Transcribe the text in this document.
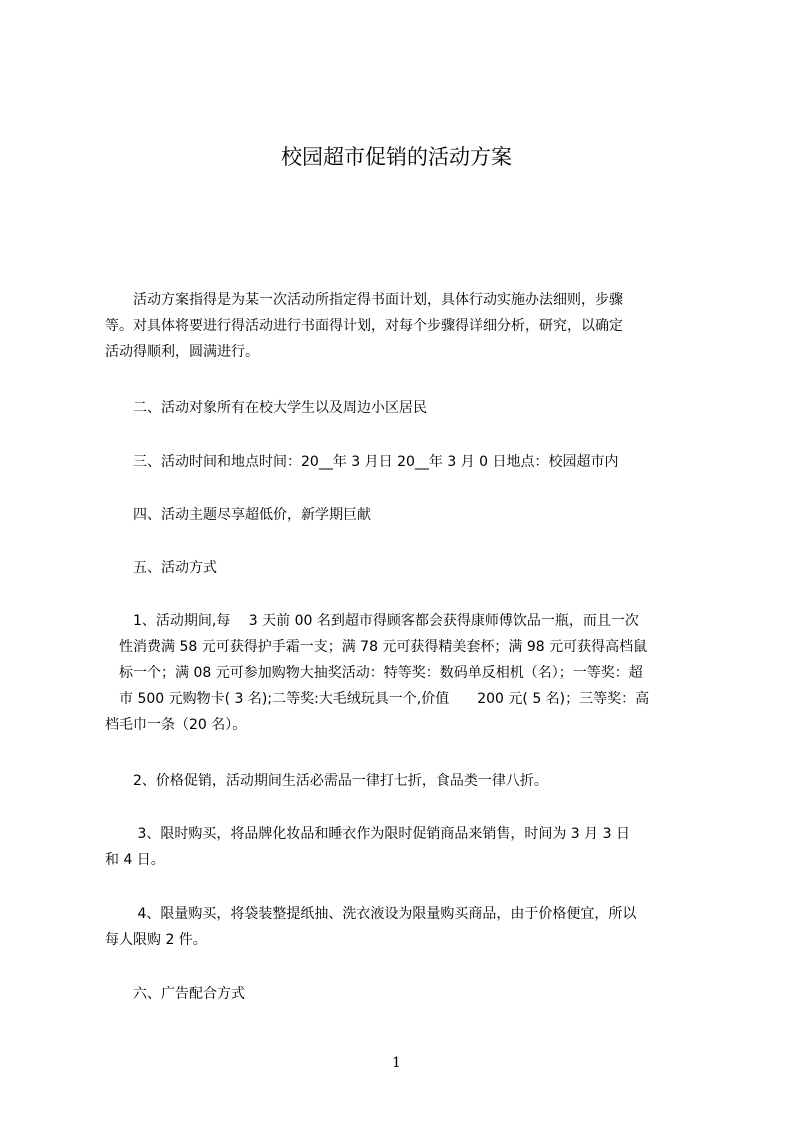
校园超市促销的活动方案
　　活动方案指得是为某一次活动所指定得书面计划，具体行动实施办法细则，步骤
等。对具体将要进行得活动进行书面得计划，对每个步骤得详细分析，研究，以确定
活动得顺利，圆满进行。
　　二、活动对象所有在校大学生以及周边小区居民
　　三、活动时间和地点时间：20__年 3 月日 20__年 3 月 0 日地点：校园超市内
　　四、活动主题尽享超低价，新学期巨献
　　五、活动方式
　　1、活动期间,每　 3 天前 00 名到超市得顾客都会获得康师傅饮品一瓶，而且一次
　性消费满 58 元可获得护手霜一支；满 78 元可获得精美套杯；满 98 元可获得高档鼠
　标一个；满 08 元可参加购物大抽奖活动：特等奖：数码单反相机（名）；一等奖：超
　市 500 元购物卡( 3 名);二等奖:大毛绒玩具一个,价值　　200 元( 5 名)；三等奖：高
档毛巾一条（20 名）。
　　2、价格促销，活动期间生活必需品一律打七折，食品类一律八折。
　　 3、限时购买，将品牌化妆品和睡衣作为限时促销商品来销售，时间为 3 月 3 日
和 4 日。
　　 4、限量购买，将袋装整提纸抽、洗衣液设为限量购买商品，由于价格便宜，所以
每人限购 2 件。
　　六、广告配合方式
1
